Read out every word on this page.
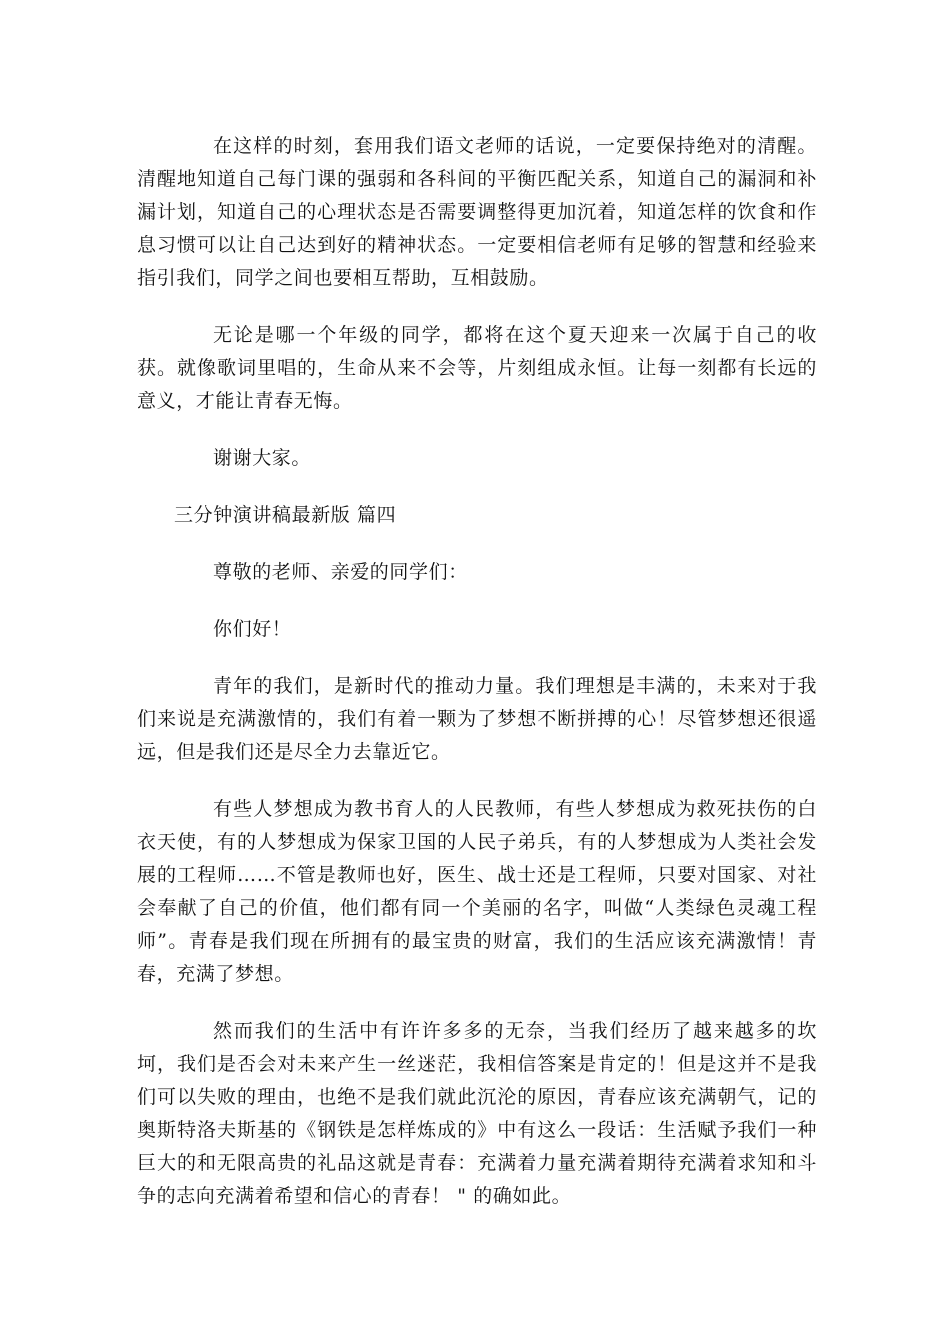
在这样的时刻，套用我们语文老师的话说，一定要保持绝对的清醒。清醒地知道自己每门课的强弱和各科间的平衡匹配关系，知道自己的漏洞和补漏计划，知道自己的心理状态是否需要调整得更加沉着，知道怎样的饮食和作息习惯可以让自己达到好的精神状态。一定要相信老师有足够的智慧和经验来指引我们，同学之间也要相互帮助，互相鼓励。

无论是哪一个年级的同学，都将在这个夏天迎来一次属于自己的收获。就像歌词里唱的，生命从来不会等，片刻组成永恒。让每一刻都有长远的意义，才能让青春无悔。

谢谢大家。

三分钟演讲稿最新版 篇四

尊敬的老师、亲爱的同学们：

你们好！

青年的我们，是新时代的推动力量。我们理想是丰满的，未来对于我们来说是充满激情的，我们有着一颗为了梦想不断拼搏的心！尽管梦想还很遥远，但是我们还是尽全力去靠近它。

有些人梦想成为教书育人的人民教师，有些人梦想成为救死扶伤的白衣天使，有的人梦想成为保家卫国的人民子弟兵，有的人梦想成为人类社会发展的工程师……不管是教师也好，医生、战士还是工程师，只要对国家、对社会奉献了自己的价值，他们都有同一个美丽的名字，叫做“人类绿色灵魂工程师”。青春是我们现在所拥有的最宝贵的财富，我们的生活应该充满激情！青春，充满了梦想。

然而我们的生活中有许许多多的无奈，当我们经历了越来越多的坎坷，我们是否会对未来产生一丝迷茫，我相信答案是肯定的！但是这并不是我们可以失败的理由，也绝不是我们就此沉沦的原因，青春应该充满朝气，记的奥斯特洛夫斯基的《钢铁是怎样炼成的》中有这么一段话：生活赋予我们一种巨大的和无限高贵的礼品这就是青春：充满着力量充满着期待充满着求知和斗争的志向充满着希望和信心的青春！ " 的确如此。
